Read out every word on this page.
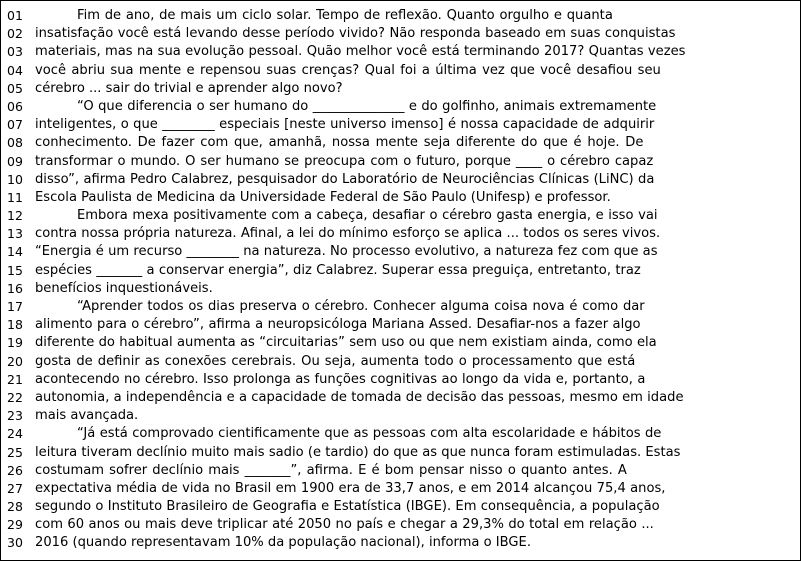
01
02
03
04
05
06
07
08
09
10
11
12
13
14
15
16
17
18
19
20
21
22
23
24
25
26
27
28
29
30
Fim de ano, de mais um ciclo solar. Tempo de reflexão. Quanto orgulho e quanta
insatisfação você está levando desse período vivido? Não responda baseado em suas conquistas
materiais, mas na sua evolução pessoal. Quão melhor você está terminando 2017? Quantas vezes
você abriu sua mente e repensou suas crenças? Qual foi a última vez que você desafiou seu
cérebro ... sair do trivial e aprender algo novo?
“O que diferencia o ser humano do ______________ e do golfinho, animais extremamente
inteligentes, o que ________ especiais [neste universo imenso] é nossa capacidade de adquirir
conhecimento. De fazer com que, amanhã, nossa mente seja diferente do que é hoje. De
transformar o mundo. O ser humano se preocupa com o futuro, porque ____ o cérebro capaz
disso”, afirma Pedro Calabrez, pesquisador do Laboratório de Neurociências Clínicas (LiNC) da
Escola Paulista de Medicina da Universidade Federal de São Paulo (Unifesp) e professor.
Embora mexa positivamente com a cabeça, desafiar o cérebro gasta energia, e isso vai
contra nossa própria natureza. Afinal, a lei do mínimo esforço se aplica ... todos os seres vivos.
“Energia é um recurso ________ na natureza. No processo evolutivo, a natureza fez com que as
espécies _______ a conservar energia”, diz Calabrez. Superar essa preguiça, entretanto, traz
benefícios inquestionáveis.
“Aprender todos os dias preserva o cérebro. Conhecer alguma coisa nova é como dar
alimento para o cérebro”, afirma a neuropsicóloga Mariana Assed. Desafiar-nos a fazer algo
diferente do habitual aumenta as “circuitarias” sem uso ou que nem existiam ainda, como ela
gosta de definir as conexões cerebrais. Ou seja, aumenta todo o processamento que está
acontecendo no cérebro. Isso prolonga as funções cognitivas ao longo da vida e, portanto, a
autonomia, a independência e a capacidade de tomada de decisão das pessoas, mesmo em idade
mais avançada.
“Já está comprovado cientificamente que as pessoas com alta escolaridade e hábitos de
leitura tiveram declínio muito mais sadio (e tardio) do que as que nunca foram estimuladas. Estas
costumam sofrer declínio mais _______”, afirma. E é bom pensar nisso o quanto antes. A
expectativa média de vida no Brasil em 1900 era de 33,7 anos, e em 2014 alcançou 75,4 anos,
segundo o Instituto Brasileiro de Geografia e Estatística (IBGE). Em consequência, a população
com 60 anos ou mais deve triplicar até 2050 no país e chegar a 29,3% do total em relação ...
2016 (quando representavam 10% da população nacional), informa o IBGE.
